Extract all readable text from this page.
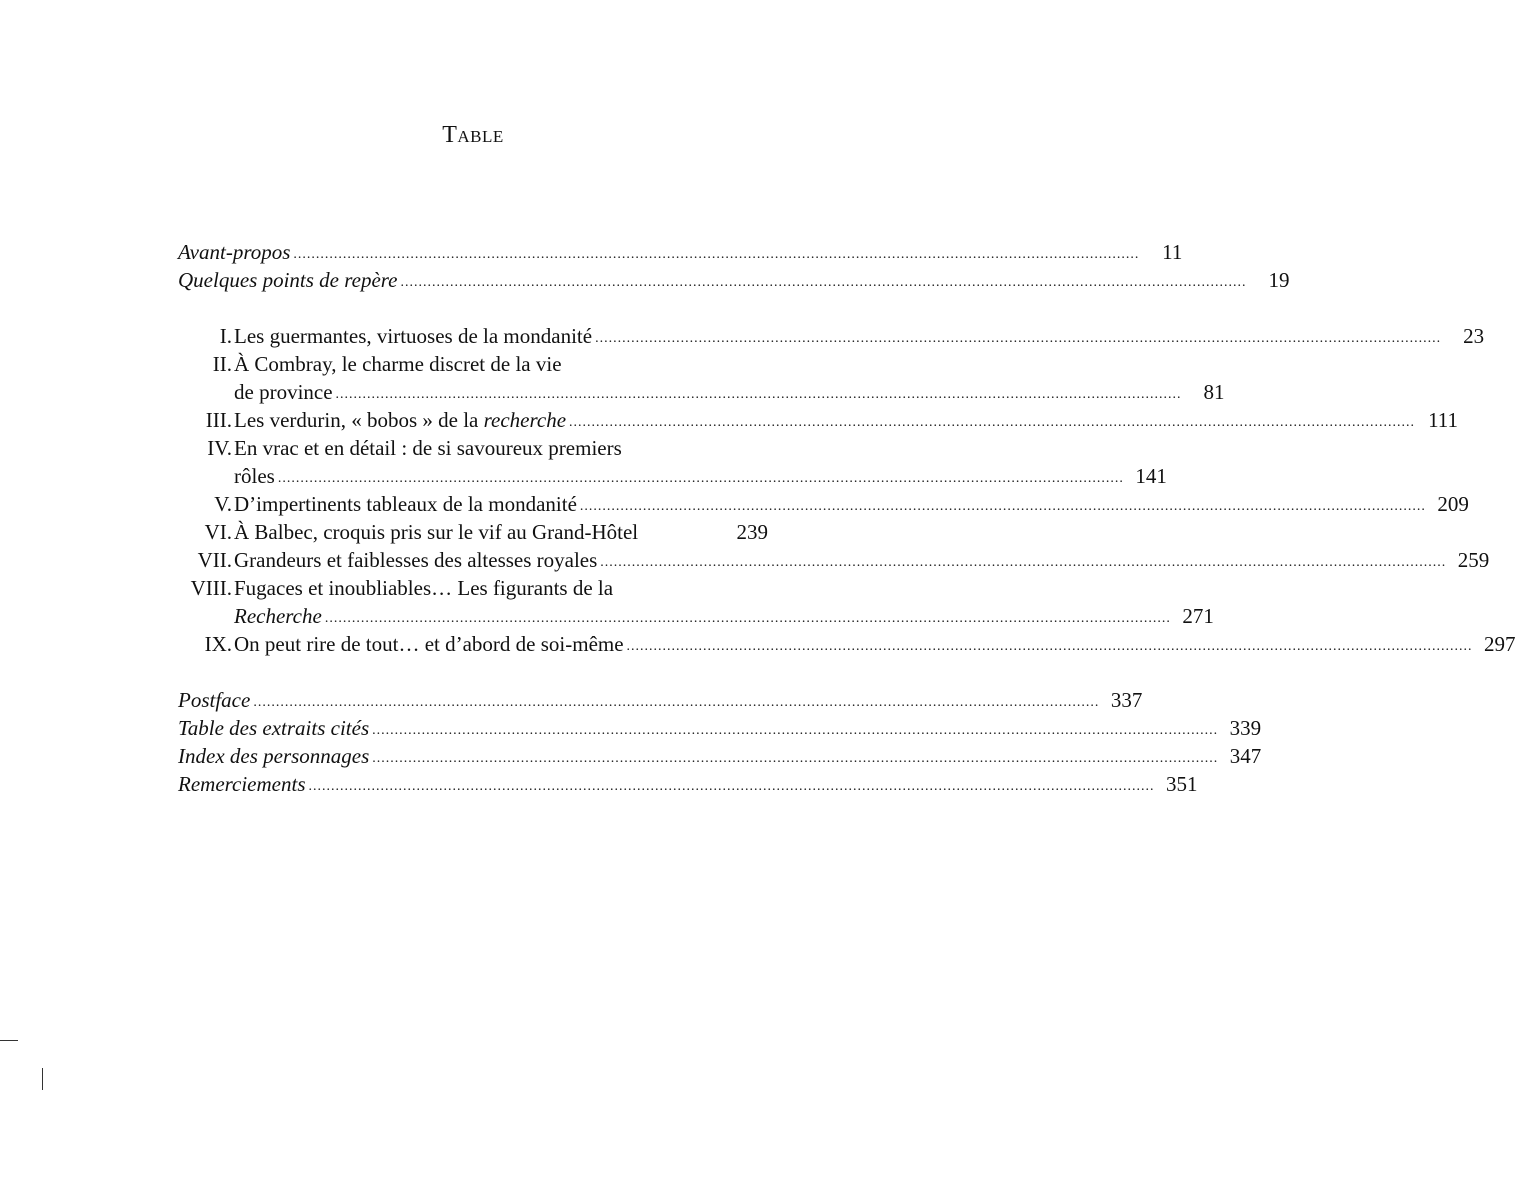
Table
Avant-propos ............................................................................................................................................................................................	11
Quelques points de repère ............................................................................................................................................................................................	19
I. Les guermantes, virtuoses de la mondanité ............................................................................................................................................................................................	23
II. À Combray, le charme discret de la vie
de province ............................................................................................................................................................................................	81
III. Les verdurin, « bobos » de la recherche ............................................................................................................................................................................................ 111
IV. En vrac et en détail : de si savoureux premiers
rôles ............................................................................................................................................................................................ 141
V. D’impertinents tableaux de la mondanité ............................................................................................................................................................................................ 209
VI. À Balbec, croquis pris sur le vif au Grand-Hôtel	239
VII. Grandeurs et faiblesses des altesses royales ............................................................................................................................................................................................ 259
VIII. Fugaces et inoubliables… Les figurants de la
Recherche ............................................................................................................................................................................................ 271
IX. On peut rire de tout… et d’abord de soi-même ............................................................................................................................................................................................ 297
Postface ............................................................................................................................................................................................ 337
Table des extraits cités ............................................................................................................................................................................................ 339
Index des personnages ............................................................................................................................................................................................ 347
Remerciements ............................................................................................................................................................................................ 351
